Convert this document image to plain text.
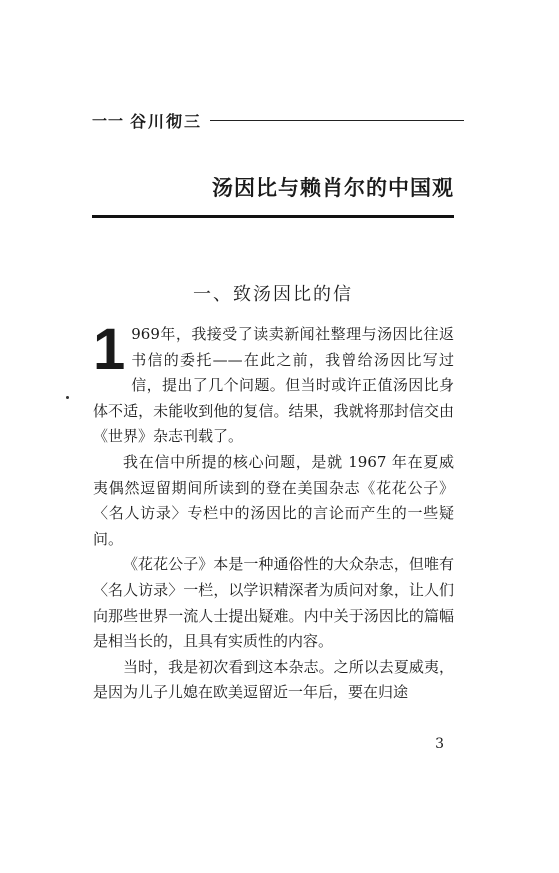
一一 谷川彻三
汤因比与赖肖尔的中国观
一、致汤因比的信

1 969年，我接受了读卖新闻社整理与汤因比往返书信的委托——在此之前，我曾给汤因比写过信，提出了几个问题。但当时或许正值汤因比身体不适，未能收到他的复信。结果，我就将那封信交由《世界》杂志刊载了。

我在信中所提的核心问题，是就 1967 年在夏威夷偶然逗留期间所读到的登在美国杂志《花花公子》〈名人访录〉专栏中的汤因比的言论而产生的一些疑问。

《花花公子》本是一种通俗性的大众杂志，但唯有〈名人访录〉一栏，以学识精深者为质问对象，让人们向那些世界一流人士提出疑难。内中关于汤因比的篇幅是相当长的，且具有实质性的内容。

当时，我是初次看到这本杂志。之所以去夏威夷，是因为儿子儿媳在欧美逗留近一年后，要在归途

3
